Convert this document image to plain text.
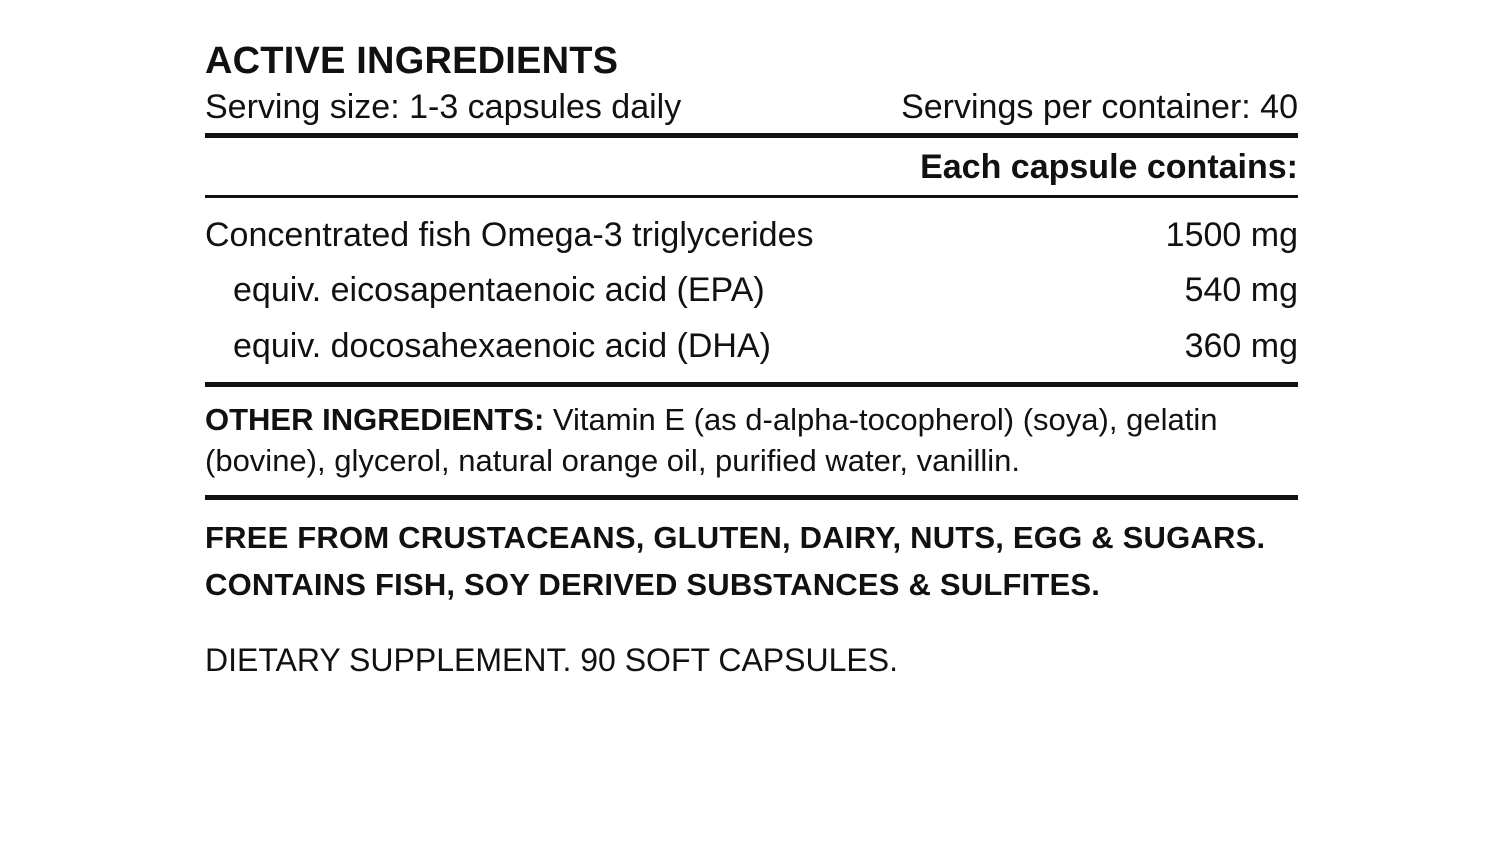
ACTIVE INGREDIENTS
Serving size: 1-3 capsules daily	Servings per container: 40
Each capsule contains:
Concentrated fish Omega-3 triglycerides	1500 mg
equiv. eicosapentaenoic acid (EPA)	540 mg
equiv. docosahexaenoic acid (DHA)	360 mg
OTHER INGREDIENTS: Vitamin E (as d-alpha-tocopherol) (soya), gelatin (bovine), glycerol, natural orange oil, purified water, vanillin.
FREE FROM CRUSTACEANS, GLUTEN, DAIRY, NUTS, EGG & SUGARS.
CONTAINS FISH, SOY DERIVED SUBSTANCES & SULFITES.
DIETARY SUPPLEMENT. 90 SOFT CAPSULES.
